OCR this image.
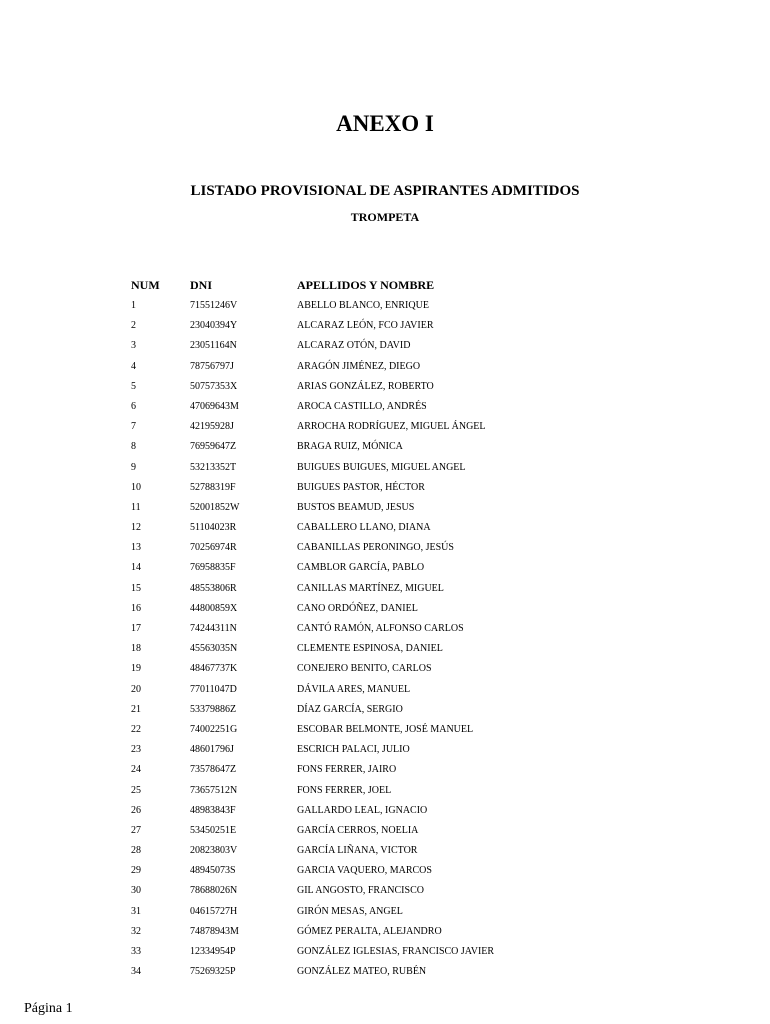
ANEXO I
LISTADO PROVISIONAL DE ASPIRANTES ADMITIDOS
TROMPETA
NUM	DNI	APELLIDOS Y NOMBRE
1	71551246V	ABELLO BLANCO, ENRIQUE
2	23040394Y	ALCARAZ LEÓN, FCO JAVIER
3	23051164N	ALCARAZ OTÓN, DAVID
4	78756797J	ARAGÓN JIMÉNEZ, DIEGO
5	50757353X	ARIAS GONZÁLEZ, ROBERTO
6	47069643M	AROCA CASTILLO, ANDRÉS
7	42195928J	ARROCHA RODRÍGUEZ, MIGUEL ÁNGEL
8	76959647Z	BRAGA RUIZ, MÓNICA
9	53213352T	BUIGUES BUIGUES, MIGUEL ANGEL
10	52788319F	BUIGUES PASTOR, HÉCTOR
11	52001852W	BUSTOS BEAMUD, JESUS
12	51104023R	CABALLERO LLANO, DIANA
13	70256974R	CABANILLAS PERONINGO, JESÚS
14	76958835F	CAMBLOR GARCÍA, PABLO
15	48553806R	CANILLAS MARTÍNEZ, MIGUEL
16	44800859X	CANO ORDÓÑEZ, DANIEL
17	74244311N	CANTÓ RAMÓN, ALFONSO CARLOS
18	45563035N	CLEMENTE ESPINOSA, DANIEL
19	48467737K	CONEJERO BENITO, CARLOS
20	77011047D	DÁVILA ARES, MANUEL
21	53379886Z	DÍAZ GARCÍA, SERGIO
22	74002251G	ESCOBAR BELMONTE, JOSÉ MANUEL
23	48601796J	ESCRICH PALACI, JULIO
24	73578647Z	FONS FERRER, JAIRO
25	73657512N	FONS FERRER, JOEL
26	48983843F	GALLARDO LEAL, IGNACIO
27	53450251E	GARCÍA CERROS, NOELIA
28	20823803V	GARCÍA LIÑANA, VICTOR
29	48945073S	GARCIA VAQUERO, MARCOS
30	78688026N	GIL ANGOSTO, FRANCISCO
31	04615727H	GIRÓN MESAS, ANGEL
32	74878943M	GÓMEZ PERALTA, ALEJANDRO
33	12334954P	GONZÁLEZ IGLESIAS, FRANCISCO JAVIER
34	75269325P	GONZÁLEZ MATEO, RUBÉN
Página 1
